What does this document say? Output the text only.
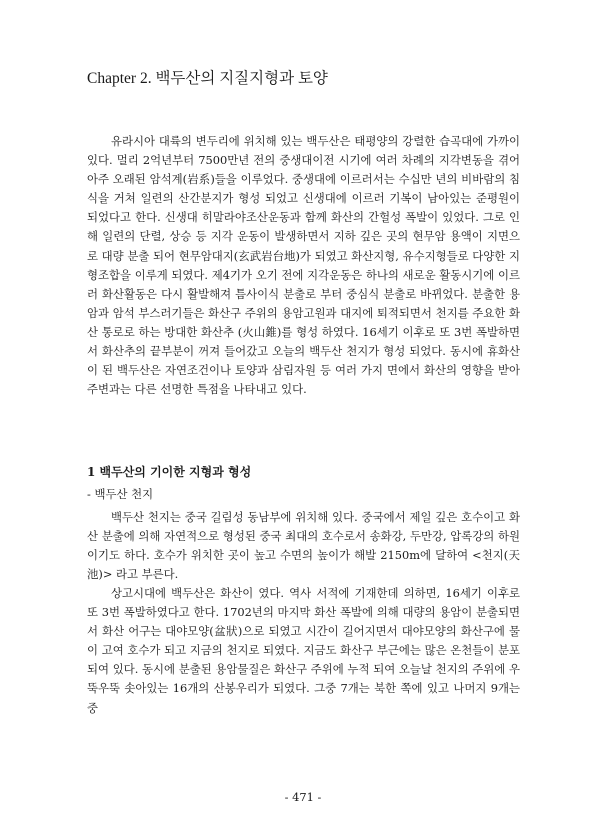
Chapter 2. 백두산의 지질지형과 토양

유라시아 대륙의 변두리에 위치해 있는 백두산은 태평양의 강렬한 습곡대에 가까이 있다. 멀리 2억년부터 7500만년 전의 중생대이전 시기에 여러 차례의 지각변동을 겪어 아주 오래된 암석계(岩系)들을 이루었다. 중생대에 이르러서는 수십만 년의 비바람의 침식을 거쳐 일련의 산간분지가 형성 되었고 신생대에 이르러 기복이 남아있는 준평원이 되었다고 한다. 신생대 히말라야조산운동과 함께 화산의 간헐성 폭발이 있었다. 그로 인해 일련의 단렬, 상승 등 지각 운동이 발생하면서 지하 깊은 곳의 현무암 용액이 지면으로 대량 분출 되어 현무암대지(玄武岩台地)가 되였고 화산지형, 유수지형들로 다양한 지형조합을 이루게 되였다. 제4기가 오기 전에 지각운동은 하나의 새로운 활동시기에 이르러 화산활동은 다시 활발해져 틈사이식 분출로 부터 중심식 분출로 바뀌었다. 분출한 용암과 암석 부스러기들은 화산구 주위의 용암고원과 대지에 퇴적되면서 천지를 주요한 화산 통로로 하는 방대한 화산추 (火山錐)를 형성 하였다. 16세기 이후로 또 3번 폭발하면서 화산추의 끝부분이 꺼져 들어갔고 오늘의 백두산 천지가 형성 되었다. 동시에 휴화산이 된 백두산은 자연조건이나 토양과 삼림자원 등 여러 가지 면에서 화산의 영향을 받아 주변과는 다른 선명한 특점을 나타내고 있다.

1 백두산의 기이한 지형과 형성
- 백두산 천지

백두산 천지는 중국 길림성 동남부에 위치해 있다. 중국에서 제일 깊은 호수이고 화산 분출에 의해 자연적으로 형성된 중국 최대의 호수로서 송화강, 두만강, 압록강의 하원이기도 하다. 호수가 위치한 곳이 높고 수면의 높이가 해발 2150m에 달하여 <천지(天池)> 라고 부른다.

상고시대에 백두산은 화산이 였다. 역사 서적에 기재한데 의하면, 16세기 이후로 또 3번 폭발하였다고 한다. 1702년의 마지막 화산 폭발에 의해 대량의 용암이 분출되면서 화산 어구는 대야모양(盆狀)으로 되였고 시간이 길어지면서 대야모양의 화산구에 물이 고여 호수가 되고 지금의 천지로 되였다. 지금도 화산구 부근에는 많은 온천들이 분포 되여 있다. 동시에 분출된 용암물질은 화산구 주위에 누적 되여 오늘날 천지의 주위에 우뚝우뚝 솟아있는 16개의 산봉우리가 되였다. 그중 7개는 북한 쪽에 있고 나머지 9개는 중

- 471 -
